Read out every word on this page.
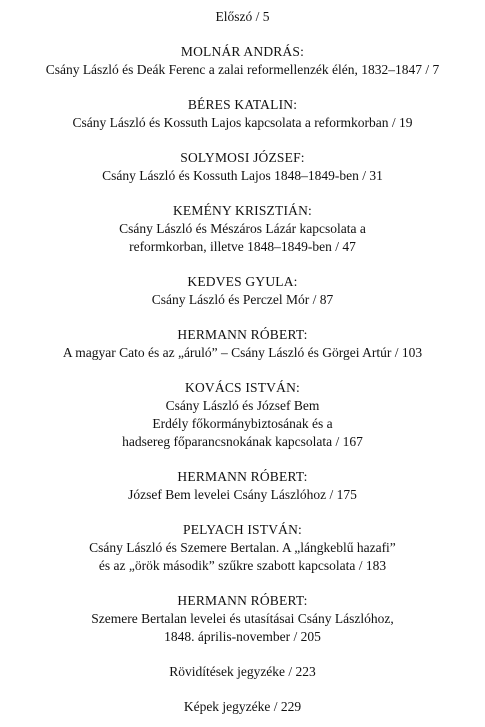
Előszó / 5
MOLNÁR ANDRÁS:
Csány László és Deák Ferenc a zalai reformellenzék élén, 1832–1847 / 7
BÉRES KATALIN:
Csány László és Kossuth Lajos kapcsolata a reformkorban / 19
SOLYMOSI JÓZSEF:
Csány László és Kossuth Lajos 1848–1849-ben / 31
KEMÉNY KRISZTIÁN:
Csány László és Mészáros Lázár kapcsolata a
reformkorban, illetve 1848–1849-ben / 47
KEDVES GYULA:
Csány László és Perczel Mór / 87
HERMANN RÓBERT:
A magyar Cato és az „áruló” – Csány László és Görgei Artúr / 103
KOVÁCS ISTVÁN:
Csány László és József Bem
Erdély főkormánybiztosának és a
hadsereg főparancsnokának kapcsolata / 167
HERMANN RÓBERT:
József Bem levelei Csány Lászlóhoz / 175
PELYACH ISTVÁN:
Csány László és Szemere Bertalan. A „lángkeblű hazafi”
és az „örök második” szűkre szabott kapcsolata / 183
HERMANN RÓBERT:
Szemere Bertalan levelei és utasításai Csány Lászlóhoz,
1848. április-november / 205
Rövidítések jegyzéke / 223
Képek jegyzéke / 229
